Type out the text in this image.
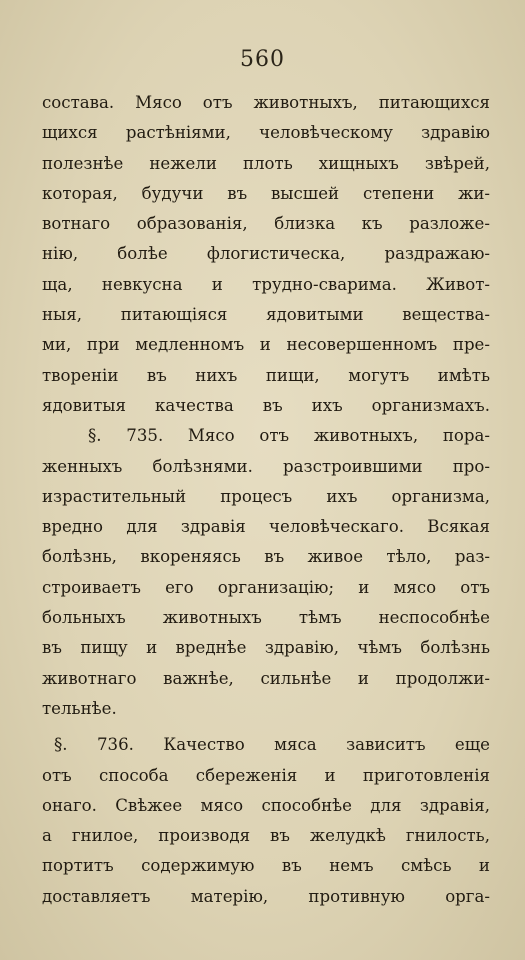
560
состава. Мясо отъ животныхъ, питающихся
щихся растѣніями, человѣческому здравію
полезнѣе нежели плоть хищныхъ звѣрей,
которая, будучи въ высшей степени жи-
вотнаго образованія, близка къ разложе-
нію, болѣе флогистическа, раздражаю-
ща, невкусна и трудно-сварима. Живот-
ныя, питающіяся ядовитыми вещества-
ми, при медленномъ и несовершенномъ пре-
твореніи въ нихъ пищи, могутъ имѣть
ядовитыя качества въ ихъ организмахъ.
§. 735. Мясо отъ животныхъ, пора-
женныхъ болѣзнями. разстроившими про-
израстительный процесъ ихъ организма,
вредно для здравія человѣческаго. Всякая
болѣзнь, вкореняясь въ живое тѣло, раз-
строиваетъ его организацію; и мясо отъ
больныхъ животныхъ тѣмъ неспособнѣе
въ пищу и вреднѣе здравію, чѣмъ болѣзнь
животнаго важнѣе, сильнѣе и продолжи-
тельнѣе.
§. 736. Качество мяса зависитъ еще
отъ способа сбереженія и приготовленія
онаго. Свѣжее мясо способнѣе для здравія,
а гнилое, производя въ желудкѣ гнилость,
портитъ содержимую въ немъ смѣсь и
доставляетъ матерію, противную орга-
